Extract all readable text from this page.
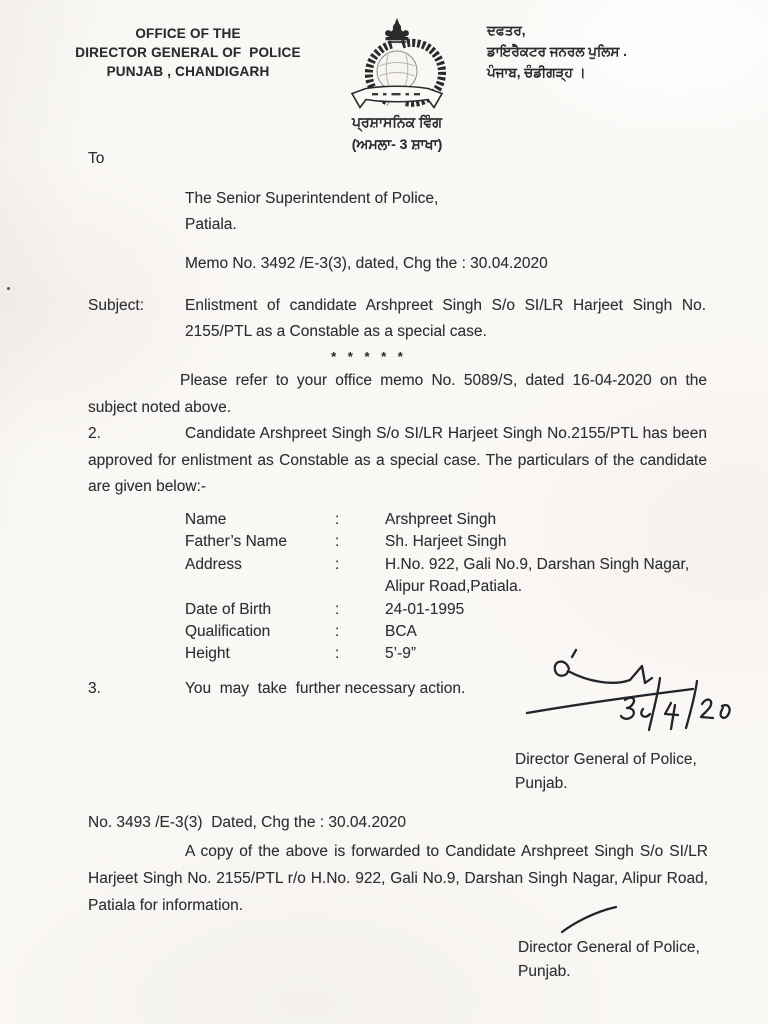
OFFICE OF THE
DIRECTOR GENERAL OF  POLICE
PUNJAB , CHANDIGARH
ਦਫਤਰ,
ਡਾਇਰੈਕਟਰ ਜਨਰਲ ਪੁਲਿਸ .
ਪੰਜਾਬ, ਚੰਡੀਗੜ੍ਹ ।
ਪ੍ਰਸ਼ਾਸਨਿਕ ਵਿੰਗ
(ਅਮਲਾ- 3 ਸ਼ਾਖਾ)
To
The Senior Superintendent of Police,
Patiala.
Memo No. 3492 /E-3(3), dated, Chg the : 30.04.2020
Subject:	Enlistment of candidate Arshpreet Singh S/o SI/LR Harjeet Singh No. 2155/PTL as a Constable as a special case.
* * * * *

Please refer to your office memo No. 5089/S, dated 16-04-2020 on the subject noted above.

2.	Candidate Arshpreet Singh S/o SI/LR Harjeet Singh No.2155/PTL has been approved for enlistment as Constable as a special case. The particulars of the candidate are given below:-

Name	:	Arshpreet Singh
Father’s Name	:	Sh. Harjeet Singh
Address	:	H.No. 922, Gali No.9, Darshan Singh Nagar, Alipur Road,Patiala.
Date of Birth	:	24-01-1995
Qualification	:	BCA
Height	:	5’-9”

3.	You  may  take  further necessary action.

Director General of Police,
Punjab.
No. 3493 /E-3(3)  Dated, Chg the : 30.04.2020

A copy of the above is forwarded to Candidate Arshpreet Singh S/o SI/LR Harjeet Singh No. 2155/PTL r/o H.No. 922, Gali No.9, Darshan Singh Nagar, Alipur Road, Patiala for information.

Director General of Police,
Punjab.
